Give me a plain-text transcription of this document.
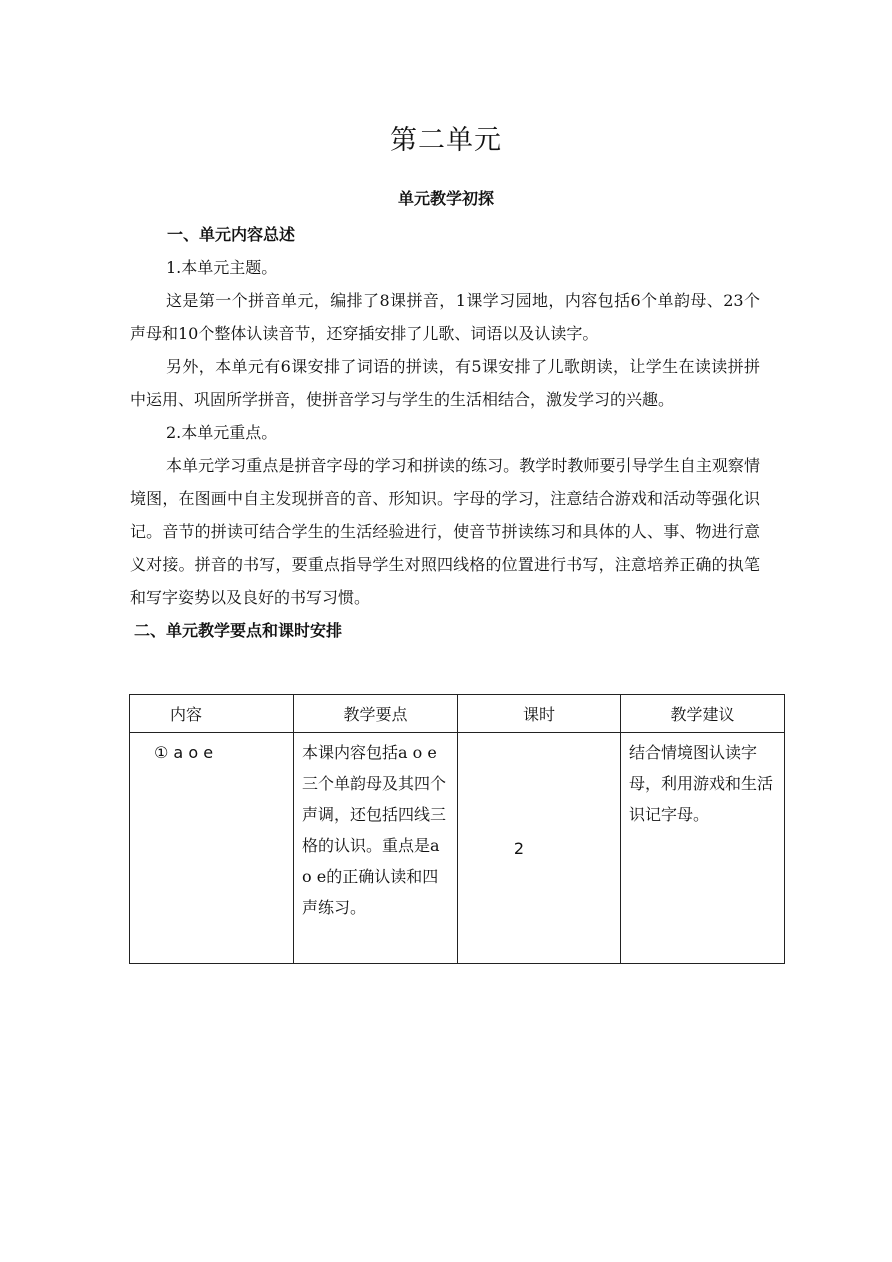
第二单元
单元教学初探

一、单元内容总述

1.本单元主题。

这是第一个拼音单元，编排了8课拼音，1课学习园地，内容包括6个单韵母、23个声母和10个整体认读音节，还穿插安排了儿歌、词语以及认读字。

另外，本单元有6课安排了词语的拼读，有5课安排了儿歌朗读，让学生在读读拼拼中运用、巩固所学拼音，使拼音学习与学生的生活相结合，激发学习的兴趣。

2.本单元重点。

本单元学习重点是拼音字母的学习和拼读的练习。教学时教师要引导学生自主观察情境图，在图画中自主发现拼音的音、形知识。字母的学习，注意结合游戏和活动等强化识记。音节的拼读可结合学生的生活经验进行，使音节拼读练习和具体的人、事、物进行意义对接。拼音的书写，要重点指导学生对照四线格的位置进行书写，注意培养正确的执笔和写字姿势以及良好的书写习惯。

二、单元教学要点和课时安排

内容	教学要点	课时	教学建议

① a o e	本课内容包括a o e三个单韵母及其四个声调，还包括四线三格的认识。重点是a o e的正确认读和四声练习。	2	结合情境图认读字母，利用游戏和生活识记字母。
